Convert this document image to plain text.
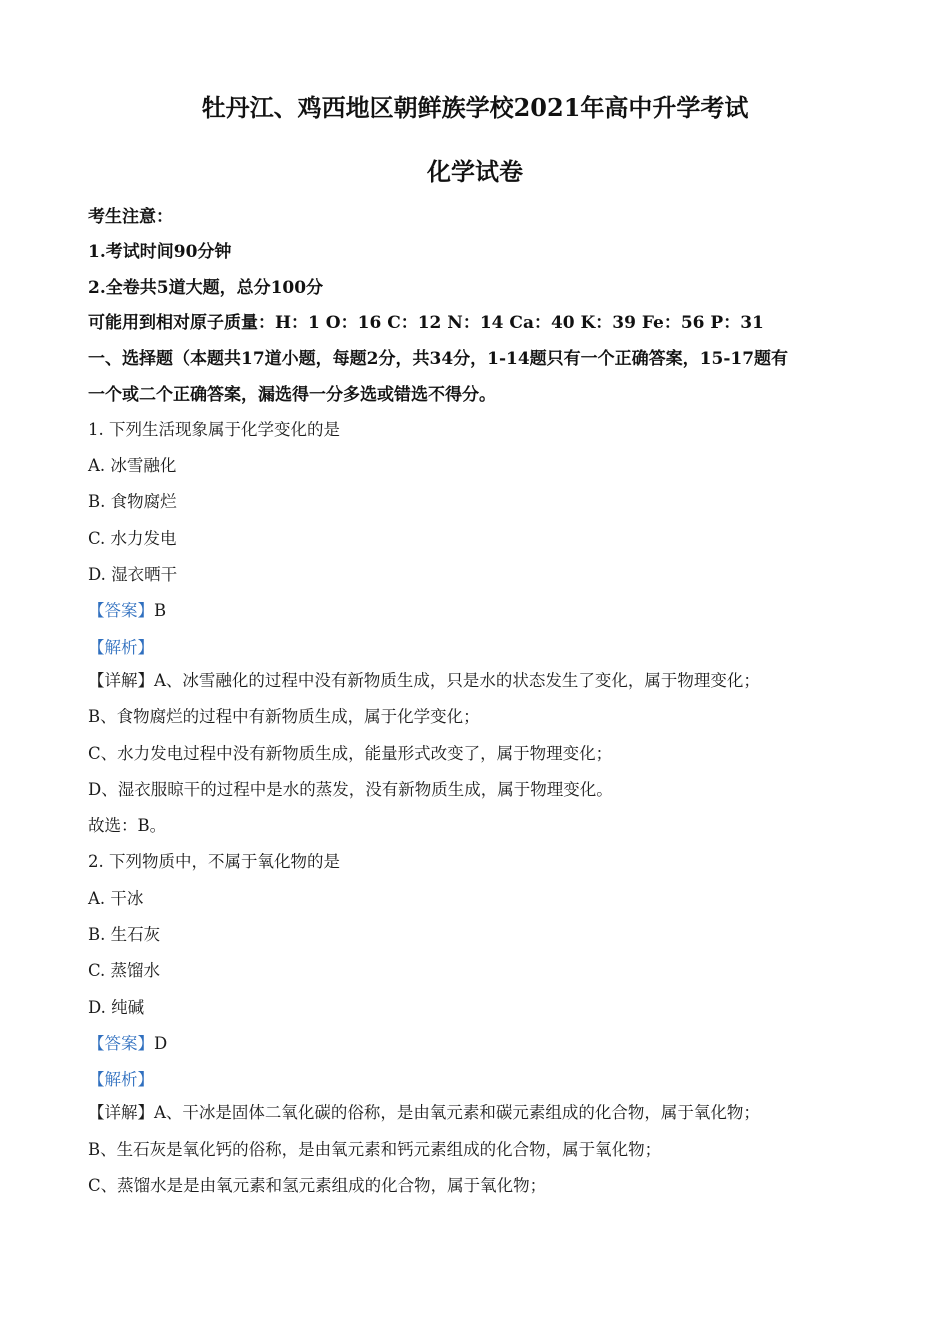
牡丹江、鸡西地区朝鲜族学校2021年高中升学考试
化学试卷
考生注意：
1.考试时间90分钟
2.全卷共5道大题，总分100分
可能用到相对原子质量：H：1 O：16 C：12 N：14 Ca：40 K：39 Fe：56 P：31
一、选择题（本题共17道小题，每题2分，共34分，1-14题只有一个正确答案，15-17题有
一个或二个正确答案，漏选得一分多选或错选不得分。
1. 下列生活现象属于化学变化的是
A. 冰雪融化
B. 食物腐烂
C. 水力发电
D. 湿衣晒干
【答案】B
【解析】
【详解】A、冰雪融化的过程中没有新物质生成，只是水的状态发生了变化，属于物理变化；
B、食物腐烂的过程中有新物质生成，属于化学变化；
C、水力发电过程中没有新物质生成，能量形式改变了，属于物理变化；
D、湿衣服晾干的过程中是水的蒸发，没有新物质生成，属于物理变化。
故选：B。
2. 下列物质中，不属于氧化物的是
A. 干冰
B. 生石灰
C. 蒸馏水
D. 纯碱
【答案】D
【解析】
【详解】A、干冰是固体二氧化碳的俗称，是由氧元素和碳元素组成的化合物，属于氧化物；
B、生石灰是氧化钙的俗称，是由氧元素和钙元素组成的化合物，属于氧化物；
C、蒸馏水是是由氧元素和氢元素组成的化合物，属于氧化物；
